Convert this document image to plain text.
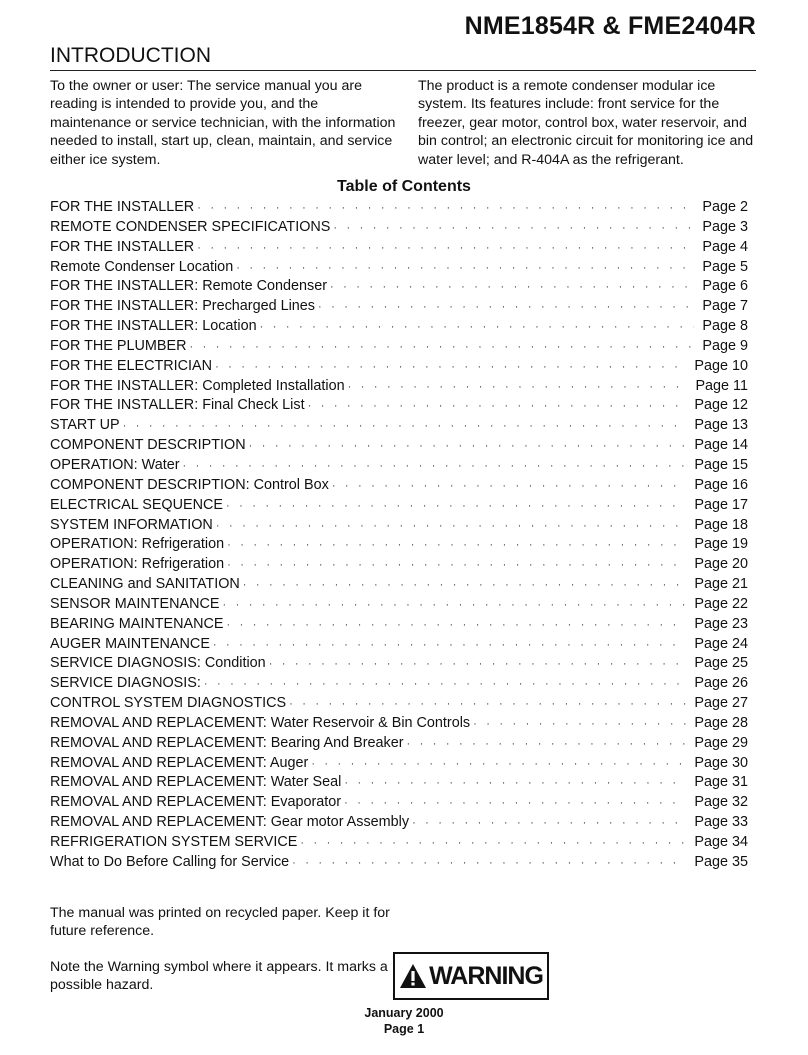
NME1854R & FME2404R
INTRODUCTION
To the owner or user: The service manual you are reading is intended to provide you, and the maintenance or service technician, with the information needed to install, start up, clean, maintain, and service either ice system.
The product is a remote condenser modular ice system. Its features include: front service for the freezer, gear motor, control box, water reservoir, and bin control; an electronic circuit for monitoring ice and water level; and R-404A as the refrigerant.
Table of Contents
FOR THE INSTALLER · · ·	Page 2
REMOTE CONDENSER SPECIFICATIONS · · ·	Page 3
FOR THE INSTALLER · · ·	Page 4
Remote Condenser Location · · ·	Page 5
FOR THE INSTALLER: Remote Condenser · · ·	Page 6
FOR THE INSTALLER: Precharged Lines · · ·	Page 7
FOR THE INSTALLER: Location · · ·	Page 8
FOR THE PLUMBER · · ·	Page 9
FOR THE ELECTRICIAN · · ·	Page 10
FOR THE INSTALLER: Completed Installation · · ·	Page 11
FOR THE INSTALLER: Final Check List · · ·	Page 12
START UP · · ·	Page 13
COMPONENT DESCRIPTION · · ·	Page 14
OPERATION: Water · · ·	Page 15
COMPONENT DESCRIPTION: Control Box · · ·	Page 16
ELECTRICAL SEQUENCE · · ·	Page 17
SYSTEM INFORMATION · · ·	Page 18
OPERATION: Refrigeration · · ·	Page 19
OPERATION: Refrigeration · · ·	Page 20
CLEANING and SANITATION · · ·	Page 21
SENSOR MAINTENANCE · · ·	Page 22
BEARING MAINTENANCE · · ·	Page 23
AUGER MAINTENANCE · · ·	Page 24
SERVICE DIAGNOSIS: Condition · · ·	Page 25
SERVICE DIAGNOSIS: · · ·	Page 26
CONTROL SYSTEM DIAGNOSTICS · · ·	Page 27
REMOVAL AND REPLACEMENT: Water Reservoir & Bin Controls · · ·	Page 28
REMOVAL AND REPLACEMENT: Bearing And Breaker · · ·	Page 29
REMOVAL AND REPLACEMENT: Auger · · ·	Page 30
REMOVAL AND REPLACEMENT: Water Seal · · ·	Page 31
REMOVAL AND REPLACEMENT: Evaporator · · ·	Page 32
REMOVAL AND REPLACEMENT: Gear motor Assembly · · ·	Page 33
REFRIGERATION SYSTEM SERVICE · · ·	Page 34
What to Do Before Calling for Service · · ·	Page 35
The manual was printed on recycled paper. Keep it for future reference.
Note the Warning symbol where it appears. It marks a possible hazard.	WARNING
January 2000
Page 1
